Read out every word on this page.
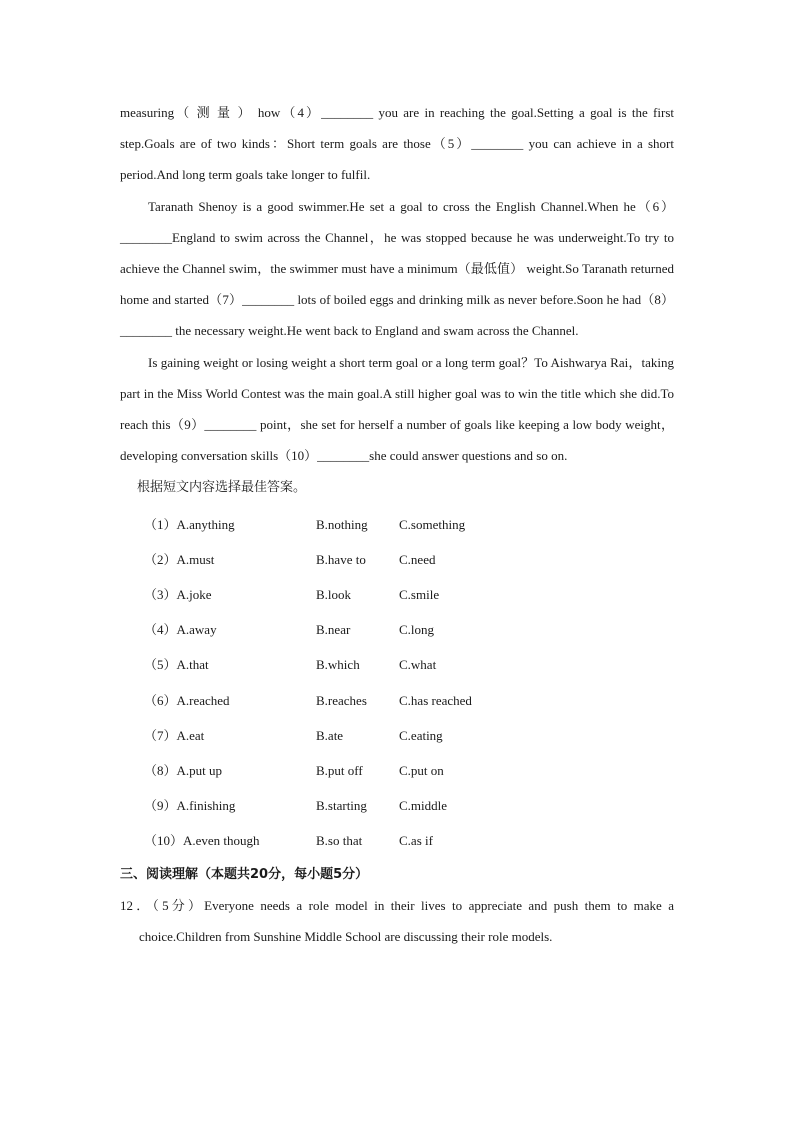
measuring（ 测 量 ） how（4）________ you are in reaching the goal.Setting a goal is the first step.Goals are of two kinds：Short term goals are those（5）________ you can achieve in a short period.And long term goals take longer to fulfil.

Taranath Shenoy is a good swimmer.He set a goal to cross the English Channel.When he（6）________England to swim across the Channel，he was stopped because he was underweight.To try to achieve the Channel swim，the swimmer must have a minimum（最低值） weight.So Taranath returned home and started（7）________ lots of boiled eggs and drinking milk as never before.Soon he had（8）________ the necessary weight.He went back to England and swam across the Channel.

Is gaining weight or losing weight a short term goal or a long term goal？To Aishwarya Rai，taking part in the Miss World Contest was the main goal.A still higher goal was to win the title which she did.To reach this（9）________ point，she set for herself a number of goals like keeping a low body weight，developing conversation skills（10）________she could answer questions and so on.

根据短文内容选择最佳答案。

（1）A.anything	B.nothing C.something
（2）A.must	B.have to	C.need
（3）A.joke	B.look	C.smile
（4）A.away	B.near	C.long
（5）A.that	B.which	C.what
（6）A.reached	B.reaches C.has reached
（7）A.eat	B.ate	C.eating
（8）A.put up	B.put off	C.put on
（9）A.finishing	B.starting C.middle
（10）A.even though	B.so that	C.as if

三、阅读理解（本题共20分，每小题5分）

12．（5分）Everyone needs a role model in their lives to appreciate and push them to make a choice.Children from Sunshine Middle School are discussing their role models.
